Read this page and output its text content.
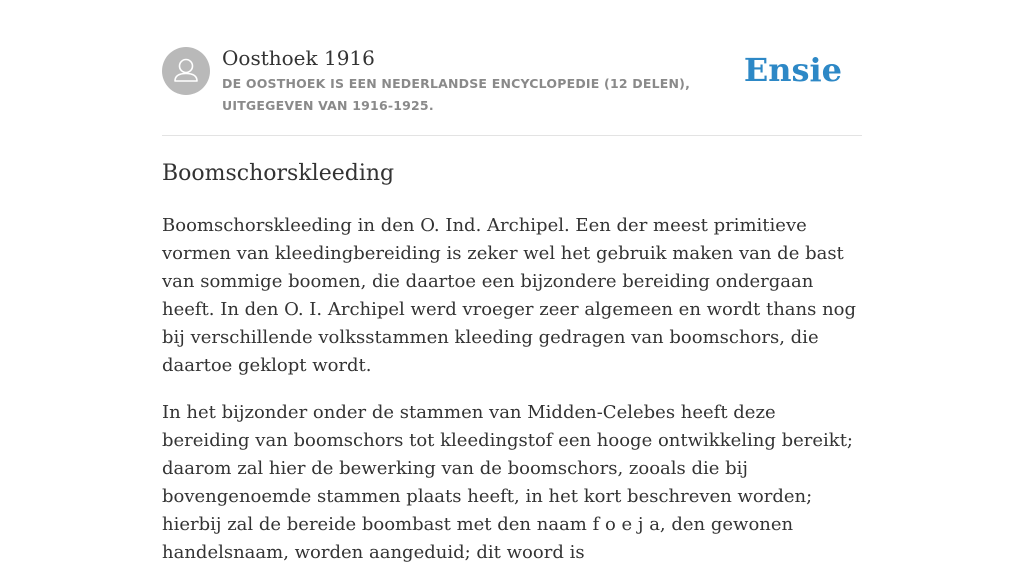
Oosthoek 1916
DE OOSTHOEK IS EEN NEDERLANDSE ENCYCLOPEDIE (12 DELEN), UITGEGEVEN VAN 1916-1925.
Ensie
Boomschorskleeding

Boomschorskleeding in den O. Ind. Archipel. Een der meest primitieve vormen van kleedingbereiding is zeker wel het gebruik maken van de bast van sommige boomen, die daartoe een bijzondere bereiding ondergaan heeft. In den O. I. Archipel werd vroeger zeer algemeen en wordt thans nog bij verschillende volksstammen kleeding gedragen van boomschors, die daartoe geklopt wordt.

In het bijzonder onder de stammen van Midden-Celebes heeft deze bereiding van boomschors tot kleedingstof een hooge ontwikkeling bereikt; daarom zal hier de bewerking van de boomschors, zooals die bij bovengenoemde stammen plaats heeft, in het kort beschreven worden; hierbij zal de bereide boombast met den naam f o e j a, den gewonen handelsnaam, worden aangeduid; dit woord is
